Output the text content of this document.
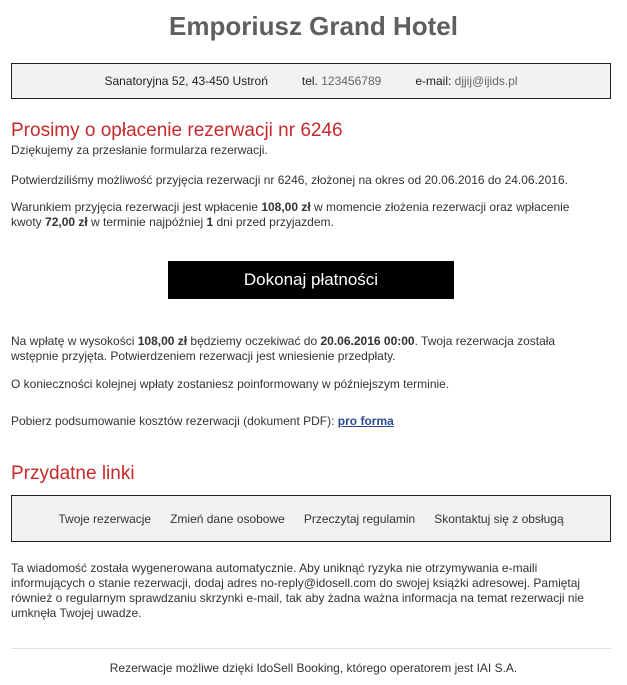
Emporiusz Grand Hotel
Sanatoryjna 52, 43-450 Ustroń	tel.
123456789	e-mail:
djjij@ijids.pl
Prosimy o opłacenie rezerwacji nr 6246

Dziękujemy za przesłanie formularza rezerwacji.

Potwierdziliśmy możliwość przyjęcia rezerwacji nr 6246, złożonej na okres od 20.06.2016 do 24.06.2016.

Warunkiem przyjęcia rezerwacji jest wpłacenie 108,00 zł w momencie złożenia rezerwacji oraz wpłacenie kwoty 72,00 zł w terminie najpóźniej 1 dni przed przyjazdem.

Dokonaj płatności

Na wpłatę w wysokości 108,00 zł będziemy oczekiwać do 20.06.2016 00:00. Twoja rezerwacja została wstępnie przyjęta. Potwierdzeniem rezerwacji jest wniesienie przedpłaty.

O konieczności kolejnej wpłaty zostaniesz poinformowany w późniejszym terminie.

Pobierz podsumowanie kosztów rezerwacji (dokument PDF): pro forma

Przydatne linki
Twoje rezerwacje Zmień dane osobowe Przeczytaj regulamin Skontaktuj się z obsługą

Ta wiadomość została wygenerowana automatycznie. Aby uniknąć ryzyka nie otrzymywania e-maili informujących o stanie rezerwacji, dodaj adres no-reply@idosell.com do swojej książki adresowej. Pamiętaj również o regularnym sprawdzaniu skrzynki e-mail, tak aby żadna ważna informacja na temat rezerwacji nie umknęła Twojej uwadze.

Rezerwacje możliwe dzięki IdoSell Booking, którego operatorem jest IAI S.A.
